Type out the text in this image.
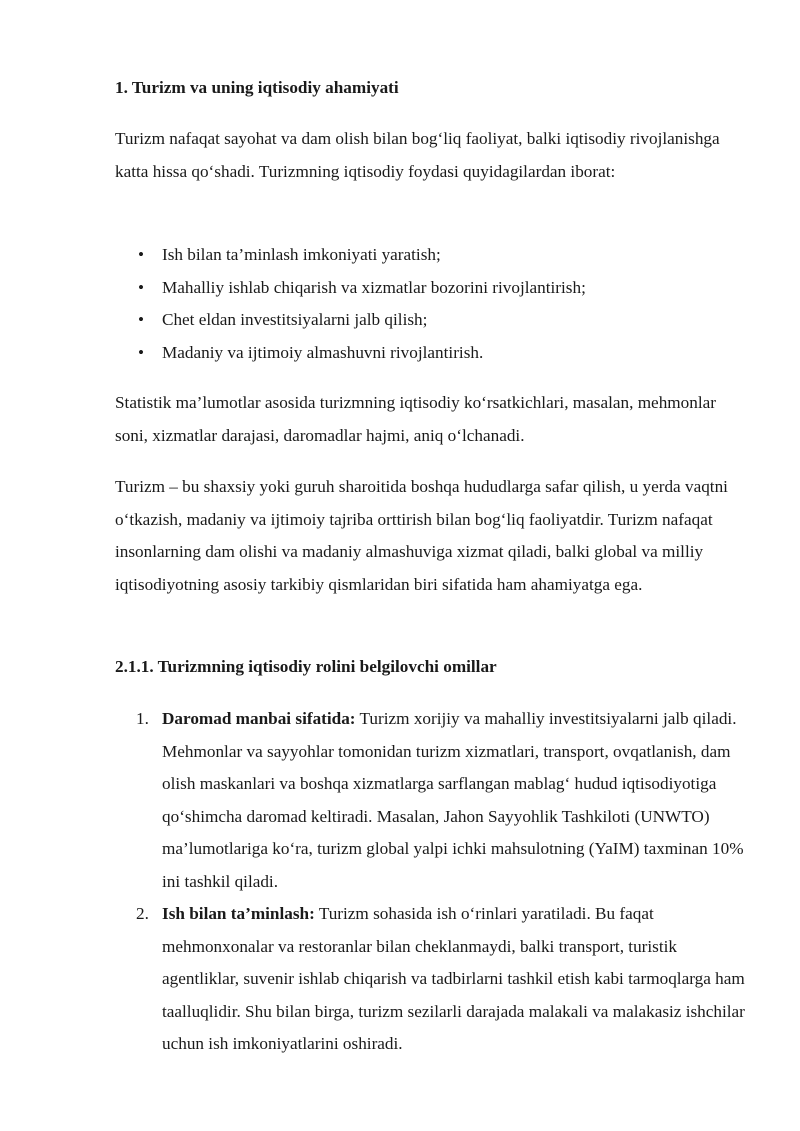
1. Turizm va uning iqtisodiy ahamiyati

Turizm nafaqat sayohat va dam olish bilan bog‘liq faoliyat, balki iqtisodiy rivojlanishga katta hissa qo‘shadi. Turizmning iqtisodiy foydasi quyidagilardan iborat:

• Ish bilan ta’minlash imkoniyati yaratish;
• Mahalliy ishlab chiqarish va xizmatlar bozorini rivojlantirish;
• Chet eldan investitsiyalarni jalb qilish;
• Madaniy va ijtimoiy almashuvni rivojlantirish.

Statistik ma’lumotlar asosida turizmning iqtisodiy ko‘rsatkichlari, masalan, mehmonlar soni, xizmatlar darajasi, daromadlar hajmi, aniq o‘lchanadi.

Turizm – bu shaxsiy yoki guruh sharoitida boshqa hududlarga safar qilish, u yerda vaqtni o‘tkazish, madaniy va ijtimoiy tajriba orttirish bilan bog‘liq faoliyatdir. Turizm nafaqat insonlarning dam olishi va madaniy almashuviga xizmat qiladi, balki global va milliy iqtisodiyotning asosiy tarkibiy qismlaridan biri sifatida ham ahamiyatga ega.

2.1.1. Turizmning iqtisodiy rolini belgilovchi omillar
1. Daromad manbai sifatida: Turizm xorijiy va mahalliy investitsiyalarni jalb qiladi. Mehmonlar va sayyohlar tomonidan turizm xizmatlari, transport, ovqatlanish, dam olish maskanlari va boshqa xizmatlarga sarflangan mablag‘ hudud iqtisodiyotiga qo‘shimcha daromad keltiradi. Masalan, Jahon Sayyohlik Tashkiloti (UNWTO) ma’lumotlariga ko‘ra, turizm global yalpi ichki mahsulotning (YaIM) taxminan 10% ini tashkil qiladi.
2. Ish bilan ta’minlash: Turizm sohasida ish o‘rinlari yaratiladi. Bu faqat mehmonxonalar va restoranlar bilan cheklanmaydi, balki transport, turistik agentliklar, suvenir ishlab chiqarish va tadbirlarni tashkil etish kabi tarmoqlarga ham taalluqlidir. Shu bilan birga, turizm sezilarli darajada malakali va malakasiz ishchilar uchun ish imkoniyatlarini oshiradi.
